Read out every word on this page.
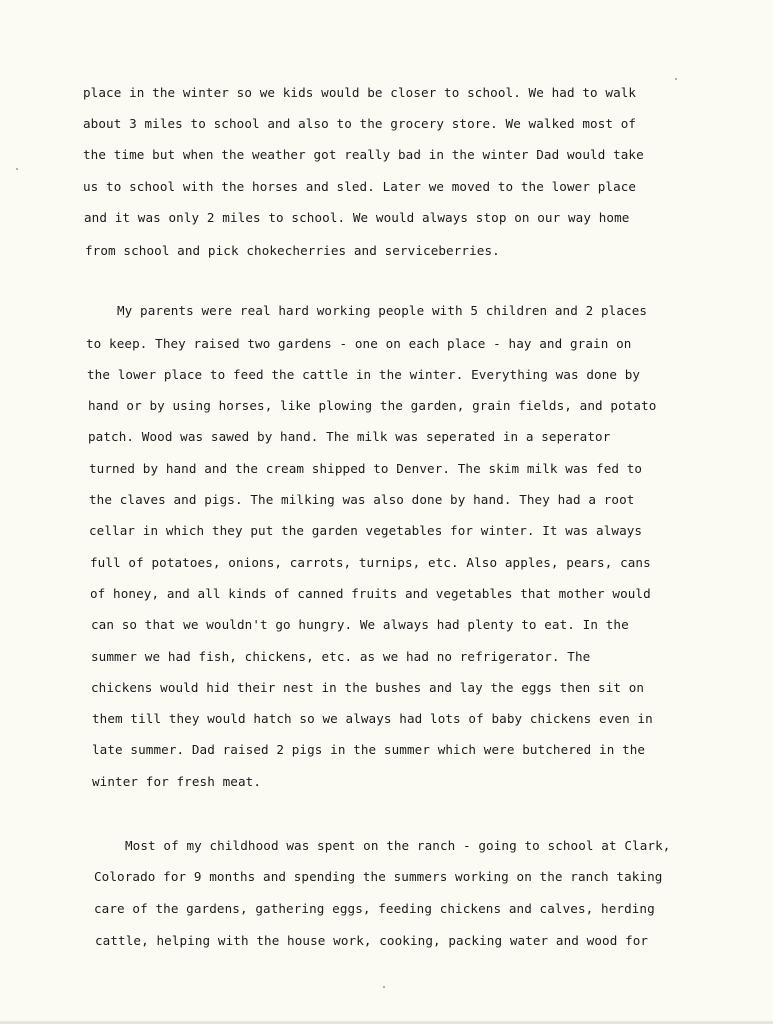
place in the winter so we kids would be closer to school. We had to walk
about 3 miles to school and also to the grocery store. We walked most of
the time but when the weather got really bad in the winter Dad would take
us to school with the horses and sled. Later we moved to the lower place
and it was only 2 miles to school. We would always stop on our way home
from school and pick chokecherries and serviceberries.
My parents were real hard working people with 5 children and 2 places
to keep. They raised two gardens - one on each place - hay and grain on
the lower place to feed the cattle in the winter. Everything was done by
hand or by using horses, like plowing the garden, grain fields, and potato
patch. Wood was sawed by hand. The milk was seperated in a seperator
turned by hand and the cream shipped to Denver. The skim milk was fed to
the claves and pigs. The milking was also done by hand. They had a root
cellar in which they put the garden vegetables for winter. It was always
full of potatoes, onions, carrots, turnips, etc. Also apples, pears, cans
of honey, and all kinds of canned fruits and vegetables that mother would
can so that we wouldn't go hungry. We always had plenty to eat. In the
summer we had fish, chickens, etc. as we had no refrigerator. The
chickens would hid their nest in the bushes and lay the eggs then sit on
them till they would hatch so we always had lots of baby chickens even in
late summer. Dad raised 2 pigs in the summer which were butchered in the
winter for fresh meat.
Most of my childhood was spent on the ranch - going to school at Clark,
Colorado for 9 months and spending the summers working on the ranch taking
care of the gardens, gathering eggs, feeding chickens and calves, herding
cattle, helping with the house work, cooking, packing water and wood for
